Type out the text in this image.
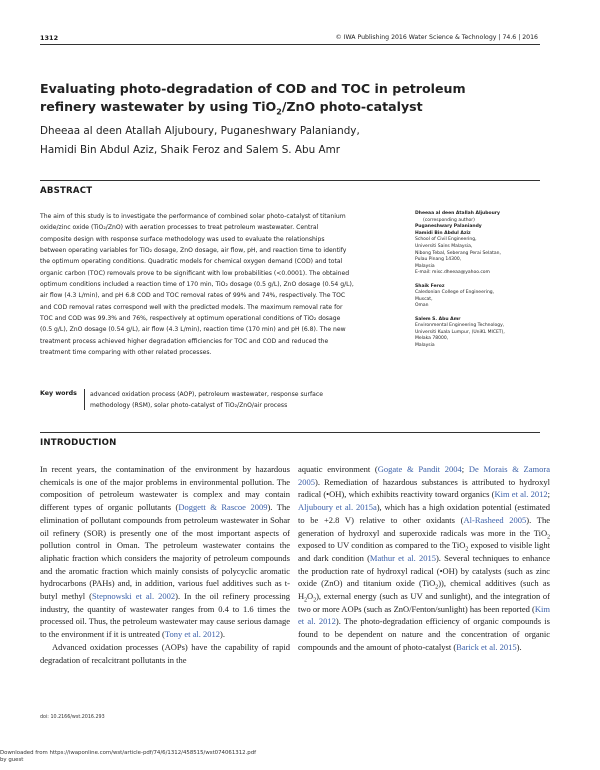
1312	© IWA Publishing 2016 Water Science & Technology | 74.6 | 2016
Evaluating photo-degradation of COD and TOC in petroleum
refinery wastewater by using TiO$_2$/ZnO photo-catalyst
Dheeaa al deen Atallah Aljuboury, Puganeshwary Palaniandy,
Hamidi Bin Abdul Aziz, Shaik Feroz and Salem S. Abu Amr
ABSTRACT
The aim of this study is to investigate the performance of combined solar photo-catalyst of titanium
oxide/zinc oxide (TiO₂/ZnO) with aeration processes to treat petroleum wastewater. Central
composite design with response surface methodology was used to evaluate the relationships
between operating variables for TiO₂ dosage, ZnO dosage, air flow, pH, and reaction time to identify
the optimum operating conditions. Quadratic models for chemical oxygen demand (COD) and total
organic carbon (TOC) removals prove to be significant with low probabilities (<0.0001). The obtained
optimum conditions included a reaction time of 170 min, TiO₂ dosage (0.5 g/L), ZnO dosage (0.54 g/L),
air flow (4.3 L/min), and pH 6.8 COD and TOC removal rates of 99% and 74%, respectively. The TOC
and COD removal rates correspond well with the predicted models. The maximum removal rate for
TOC and COD was 99.3% and 76%, respectively at optimum operational conditions of TiO₂ dosage
(0.5 g/L), ZnO dosage (0.54 g/L), air flow (4.3 L/min), reaction time (170 min) and pH (6.8). The new
treatment process achieved higher degradation efficiencies for TOC and COD and reduced the
treatment time comparing with other related processes.
Key words advanced oxidation process (AOP), petroleum wastewater, response surface
methodology (RSM), solar photo-catalyst of TiO₂/ZnO/air process
Dheeaa al deen Atallah Aljuboury
(corresponding author)
Puganeshwary Palaniandy
Hamidi Bin Abdul Aziz
School of Civil Engineering,
Universiti Sains Malaysia,
Nibong Tebal, Seberang Perai Selatan,
Pulau Pinang 14300,
Malaysia
E-mail: misc.dheeaa@yahoo.com
Shaik Feroz
Caledonian College of Engineering,
Muscat,
Oman
Salem S. Abu Amr
Environmental Engineering Technology,
Universiti Kuala Lumpur, (UniKL MICET),
Melaka 78000,
Malaysia
INTRODUCTION

In recent years, the contamination of the environment by hazardous chemicals is one of the major problems in environmental pollution. The composition of petroleum wastewater is complex and may contain different types of organic pollutants (Doggett & Rascoe 2009). The elimination of pollutant compounds from petroleum wastewater in Sohar oil refinery (SOR) is presently one of the most important aspects of pollution control in Oman. The petroleum wastewater contains the aliphatic fraction which considers the majority of petroleum compounds and the aromatic fraction which mainly consists of polycyclic aromatic hydrocarbons (PAHs) and, in addition, various fuel additives such as t-butyl methyl (Stepnowski et al. 2002). In the oil refinery processing industry, the quantity of wastewater ranges from 0.4 to 1.6 times the processed oil. Thus, the petroleum wastewater may cause serious damage to the environment if it is untreated (Tony et al. 2012).

Advanced oxidation processes (AOPs) have the capability of rapid degradation of recalcitrant pollutants in the

aquatic environment (Gogate & Pandit 2004; De Morais & Zamora 2005). Remediation of hazardous substances is attributed to hydroxyl radical (•OH), which exhibits reactivity toward organics (Kim et al. 2012; Aljuboury et al. 2015a), which has a high oxidation potential (estimated to be +2.8 V) relative to other oxidants (Al-Rasheed 2005). The generation of hydroxyl and superoxide radicals was more in the TiO$_2$ exposed to UV condition as compared to the TiO$_2$ exposed to visible light and dark condition (Mathur et al. 2015). Several techniques to enhance the production rate of hydroxyl radical (•OH) by catalysts (such as zinc oxide (ZnO) and titanium oxide (TiO$_2$)), chemical additives (such as $H_2O_2$), external energy (such as UV and sunlight), and the integration of two or more AOPs (such as ZnO/Fenton/sunlight) has been reported (Kim et al. 2012). The photo-degradation efficiency of organic compounds is found to be dependent on nature and the concentration of organic compounds and the amount of photo-catalyst (Barick et al. 2015).

doi: 10.2166/wst.2016.293
Downloaded from https://iwaponline.com/wst/article-pdf/74/6/1312/458515/wst074061312.pdf
by guest
